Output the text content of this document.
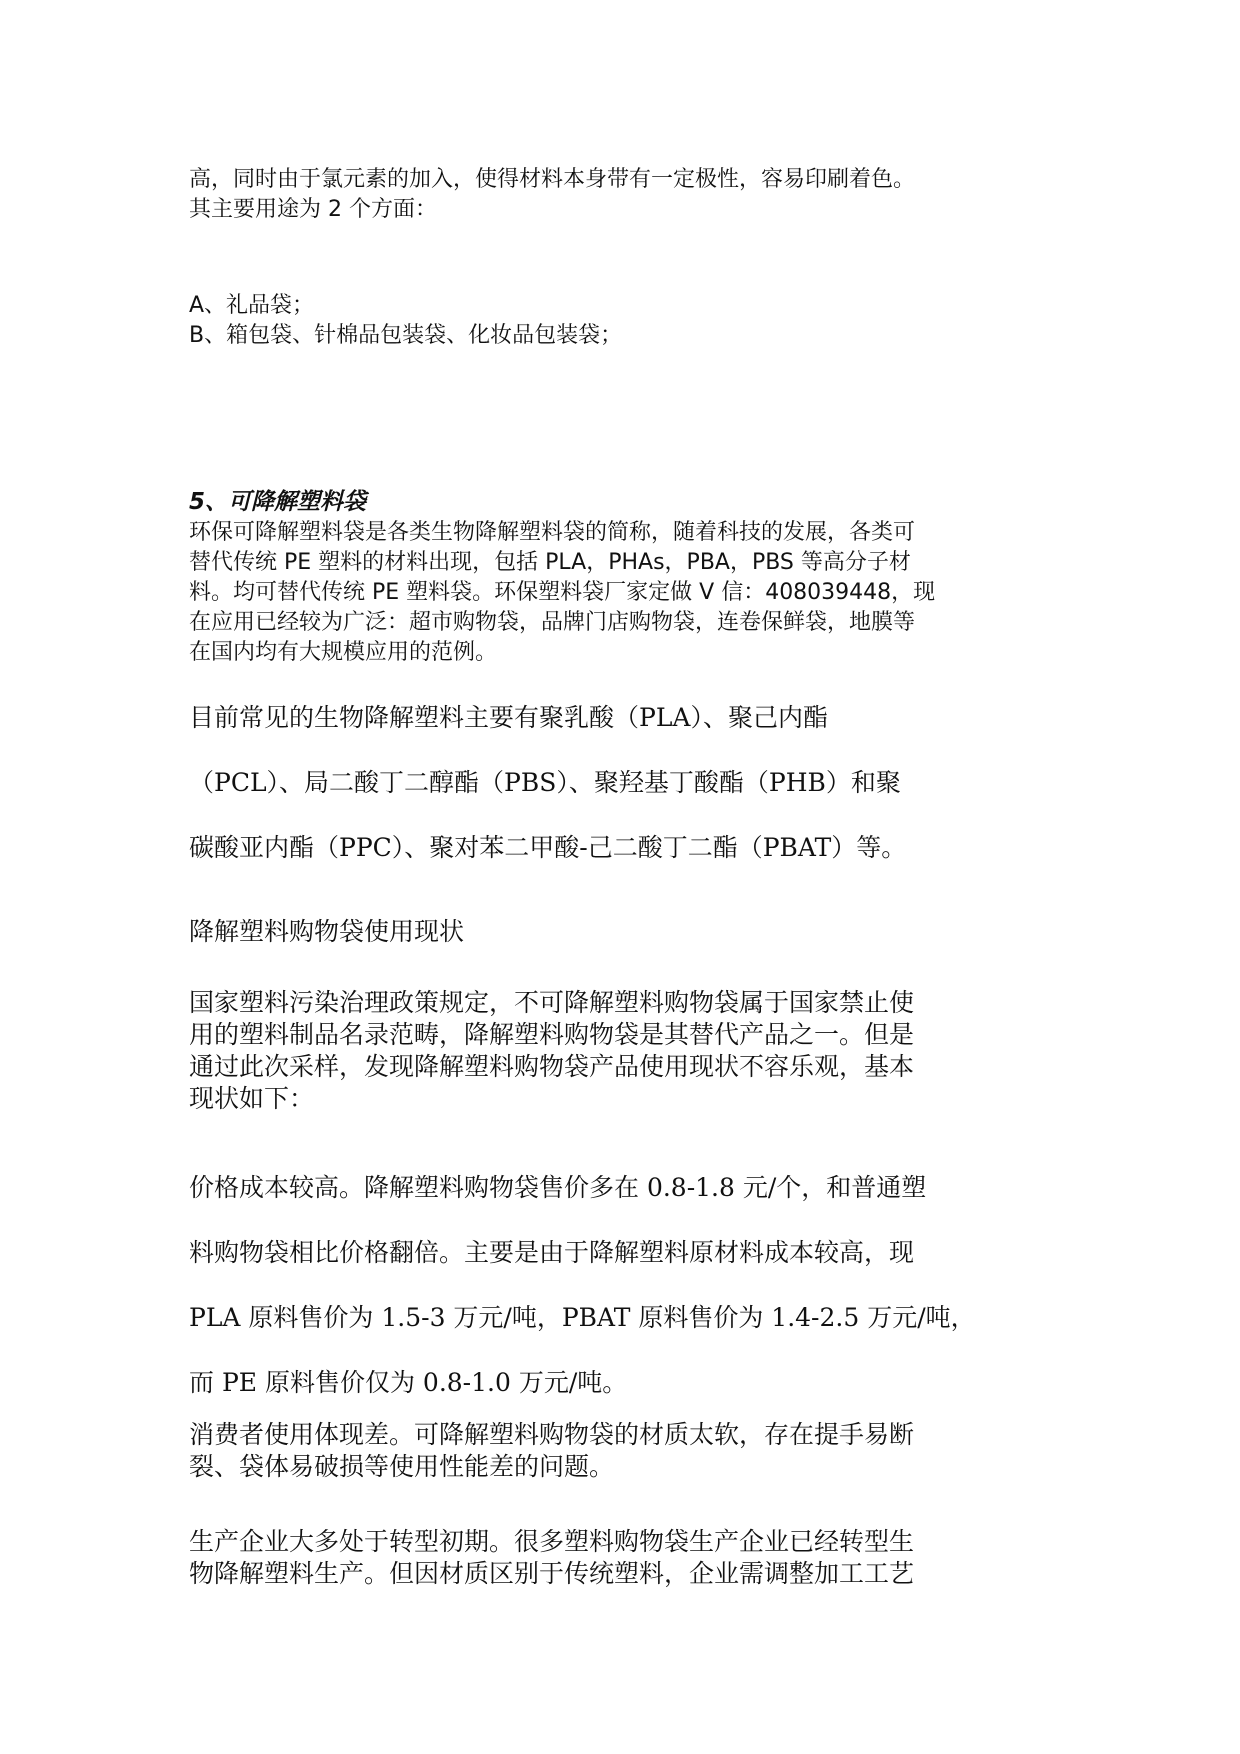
高，同时由于氯元素的加入，使得材料本身带有一定极性，容易印刷着色。
其主要用途为 2 个方面：

A、礼品袋；
B、箱包袋、针棉品包装袋、化妆品包装袋；

5、可降解塑料袋

环保可降解塑料袋是各类生物降解塑料袋的简称，随着科技的发展，各类可
替代传统 PE 塑料的材料出现，包括 PLA，PHAs，PBA，PBS 等高分子材
料。均可替代传统 PE 塑料袋。环保塑料袋厂家定做 V 信：408039448，现
在应用已经较为广泛：超市购物袋，品牌门店购物袋，连卷保鲜袋，地膜等
在国内均有大规模应用的范例。

目前常见的生物降解塑料主要有聚乳酸（PLA）、聚己内酯
（PCL）、局二酸丁二醇酯（PBS）、聚羟基丁酸酯（PHB）和聚
碳酸亚内酯（PPC）、聚对苯二甲酸-己二酸丁二酯（PBAT）等。

降解塑料购物袋使用现状

国家塑料污染治理政策规定，不可降解塑料购物袋属于国家禁止使
用的塑料制品名录范畴，降解塑料购物袋是其替代产品之一。但是
通过此次采样，发现降解塑料购物袋产品使用现状不容乐观，基本
现状如下：

价格成本较高。降解塑料购物袋售价多在 0.8-1.8 元/个，和普通塑
料购物袋相比价格翻倍。主要是由于降解塑料原材料成本较高，现
PLA 原料售价为 1.5-3 万元/吨，PBAT 原料售价为 1.4-2.5 万元/吨，
而 PE 原料售价仅为 0.8-1.0 万元/吨。

消费者使用体现差。可降解塑料购物袋的材质太软，存在提手易断
裂、袋体易破损等使用性能差的问题。

生产企业大多处于转型初期。很多塑料购物袋生产企业已经转型生
物降解塑料生产。但因材质区别于传统塑料，企业需调整加工工艺
